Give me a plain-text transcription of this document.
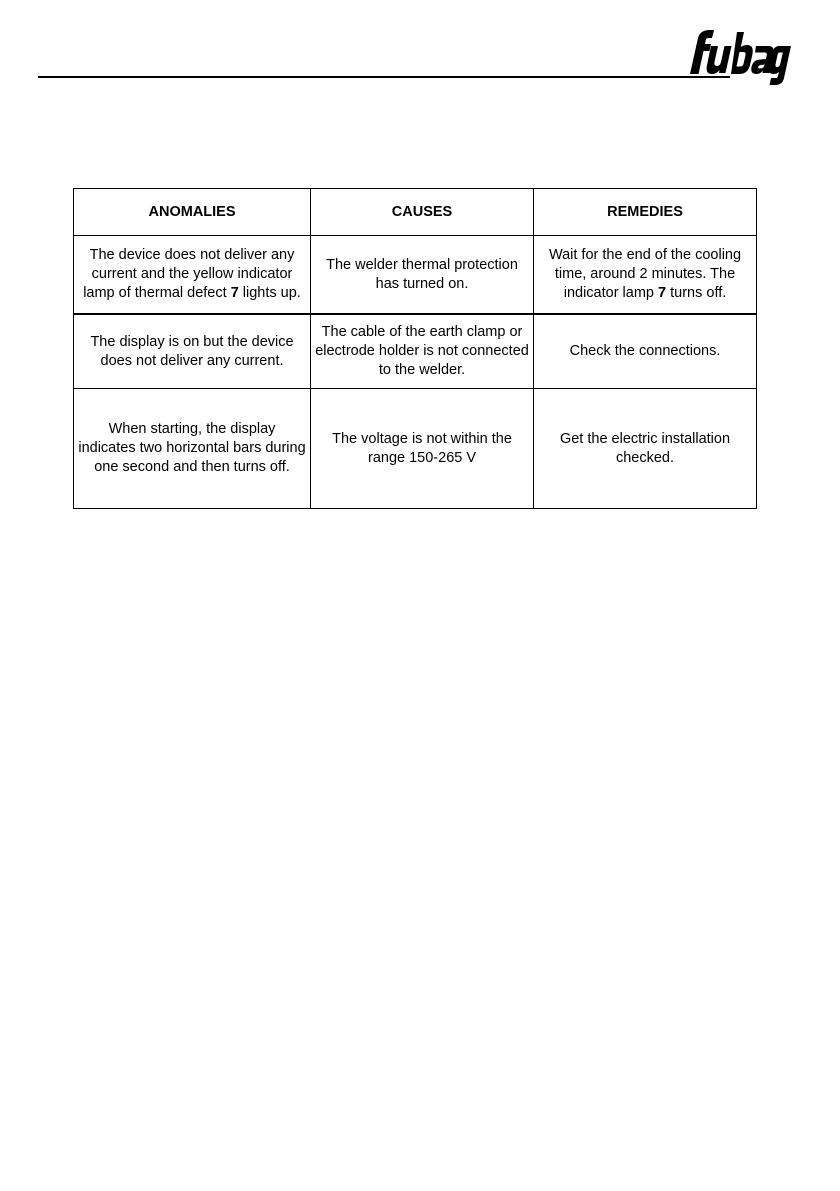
ANOMALIES	CAUSES	REMEDIES
The device does not deliver any current and the yellow indicator lamp of thermal defect 7 lights up.	The welder thermal protection has turned on.	Wait for the end of the cooling time, around 2 minutes. The indicator lamp 7 turns off.
The display is on but the device does not deliver any current.	The cable of the earth clamp or electrode holder is not connected to the welder.	Check the connections.
When starting, the display indicates two horizontal bars during one second and then turns off.	The voltage is not within the range 150-265 V	Get the electric installation checked.
